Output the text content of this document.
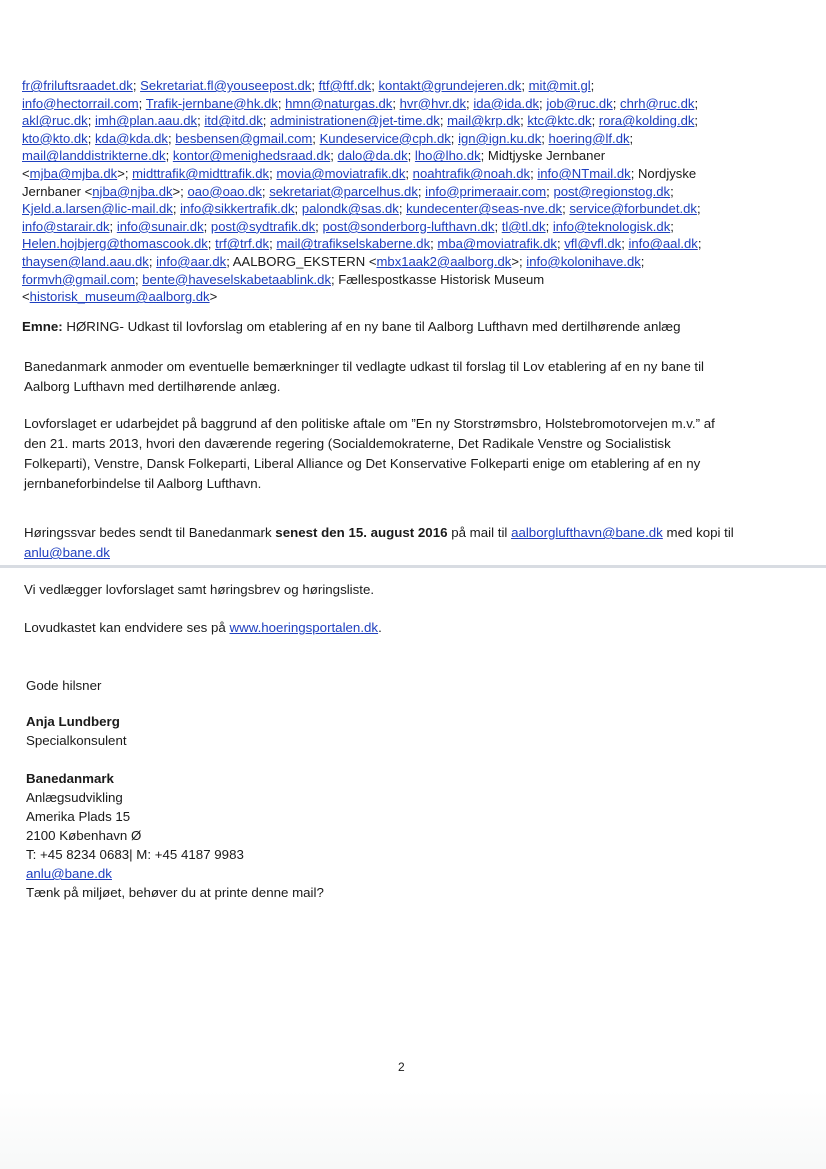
fr@friluftsraadet.dk; Sekretariat.fl@youseepost.dk; ftf@ftf.dk; kontakt@grundejeren.dk; mit@mit.gl;
info@hectorrail.com; Trafik-jernbane@hk.dk; hmn@naturgas.dk; hvr@hvr.dk; ida@ida.dk; job@ruc.dk; chrh@ruc.dk;
akl@ruc.dk; imh@plan.aau.dk; itd@itd.dk; administrationen@jet-time.dk; mail@krp.dk; ktc@ktc.dk; rora@kolding.dk;
kto@kto.dk; kda@kda.dk; besbensen@gmail.com; Kundeservice@cph.dk; ign@ign.ku.dk; hoering@lf.dk;
mail@landdistrikterne.dk; kontor@menighedsraad.dk; dalo@da.dk; lho@lho.dk; Midtjyske Jernbaner
<mjba@mjba.dk>; midttrafik@midttrafik.dk; movia@moviatrafik.dk; noahtrafik@noah.dk; info@NTmail.dk; Nordjyske
Jernbaner <njba@njba.dk>; oao@oao.dk; sekretariat@parcelhus.dk; info@primeraair.com; post@regionstog.dk;
Kjeld.a.larsen@lic-mail.dk; info@sikkertrafik.dk; palondk@sas.dk; kundecenter@seas-nve.dk; service@forbundet.dk;
info@starair.dk; info@sunair.dk; post@sydtrafik.dk; post@sonderborg-lufthavn.dk; tl@tl.dk; info@teknologisk.dk;
Helen.hojbjerg@thomascook.dk; trf@trf.dk; mail@trafikselskaberne.dk; mba@moviatrafik.dk; vfl@vfl.dk; info@aal.dk;
thaysen@land.aau.dk; info@aar.dk; AALBORG_EKSTERN <mbx1aak2@aalborg.dk>; info@kolonihave.dk;
formvh@gmail.com; bente@haveselskabetaablink.dk; Fællespostkasse Historisk Museum
<historisk_museum@aalborg.dk>
Emne: HØRING- Udkast til lovforslag om etablering af en ny bane til Aalborg Lufthavn med dertilhørende anlæg
Banedanmark anmoder om eventuelle bemærkninger til vedlagte udkast til forslag til Lov etablering af en ny bane til
Aalborg Lufthavn med dertilhørende anlæg.
Lovforslaget er udarbejdet på baggrund af den politiske aftale om ”En ny Storstrømsbro, Holstebromotorvejen m.v.” af
den 21. marts 2013, hvori den daværende regering (Socialdemokraterne, Det Radikale Venstre og Socialistisk
Folkeparti), Venstre, Dansk Folkeparti, Liberal Alliance og Det Konservative Folkeparti enige om etablering af en ny
jernbaneforbindelse til Aalborg Lufthavn.
Høringssvar bedes sendt til Banedanmark senest den 15. august 2016 på mail til aalborglufthavn@bane.dk med kopi til
anlu@bane.dk
Vi vedlægger lovforslaget samt høringsbrev og høringsliste.
Lovudkastet kan endvidere ses på www.hoeringsportalen.dk.
Gode hilsner
Anja Lundberg
Specialkonsulent
Banedanmark
Anlægsudvikling
Amerika Plads 15
2100 København Ø
T: +45 8234 0683| M: +45 4187 9983
anlu@bane.dk
Tænk på miljøet, behøver du at printe denne mail?
2
